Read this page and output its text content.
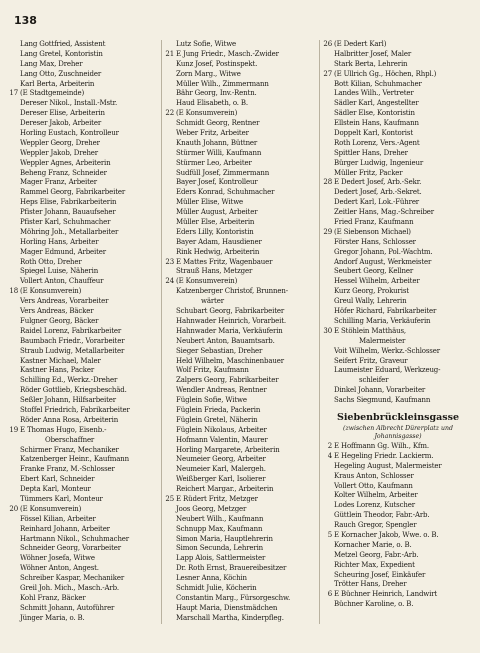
138
Lang Gottfried, Assistent
Lang Gretel, Kontoristin
Lang Max, Dreher
Lang Otto, Zuschneider
Karl Berta, Arbeiterin
17 (E Stadtgemeinde)
Dereser Nikol., Install.-Mstr.
Dereser Elise, Arbeiterin
Dereser Jakob, Arbeiter
Horling Eustach, Kontrolleur
Weppler Georg, Dreher
Weppler Jakob, Dreher
Weppler Agnes, Arbeiterin
Beheng Franz, Schneider
Mager Franz, Arbeiter
Rammel Georg, Fabrikarbeiter
Heps Elise, Fabrikarbeiterin
Pfister Johann, Bauaufseher
Pfister Karl, Schuhmacher
Möhring Joh., Metallarbeiter
Horling Hans, Arbeiter
Mager Edmund, Arbeiter
Roth Otto, Dreher
Spiegel Luise, Näherin
Vollert Anton, Chauffeur
18 (E Konsumverein)
Vers Andreas, Vorarbeiter
Vers Andreas, Bäcker
Fulgner Georg, Bäcker
Raidel Lorenz, Fabrikarbeiter
Baumbach Friedr., Vorarbeiter
Straub Ludwig, Metallarbeiter
Kastner Michael, Maler
Kastner Hans, Packer
Schilling Ed., Werkz.-Dreher
Röder Gottlieb, Kriegsbeschäd.
Seßler Johann, Hilfsarbeiter
Stoffel Friedrich, Fabrikarbeiter
Röder Anna Rosa, Arbeiterin
19 E Thomas Hugo, Eisenb.-
Oberschaffner
Schirmer Franz, Mechaniker
Katzenberger Heinr., Kaufmann
Franke Franz, M.-Schlosser
Ebert Karl, Schneider
Depta Karl, Monteur
Tümmers Karl, Monteur
20 (E Konsumverein)
Fössel Kilian, Arbeiter
Reinhard Johann, Arbeiter
Hartmann Nikol., Schuhmacher
Schneider Georg, Vorarbeiter
Wöhner Josefa, Witwe
Wöhner Anton, Angest.
Schreiber Kaspar, Mechaniker
Greil Joh. Mich., Masch.-Arb.
Kohl Franz, Bäcker
Schmitt Johann, Autoführer
Jünger Maria, o. B.
Lutz Sofie, Witwe
21 E Jung Friedr., Masch.-Zwider
Kunz Josef, Postinspekt.
Zorn Marg., Witwe
Müller Wilh., Zimmermann
Bähr Georg, Inv.-Rentn.
Haud Elisabeth, o. B.
22 (E Konsumverein)
Schmidt Georg, Rentner
Weber Fritz, Arbeiter
Knauth Johann, Büttner
Stürmer Willi, Kaufmann
Stürmer Leo, Arbeiter
Sudfüll Josef, Zimmermann
Bayer Josef, Kontrolleur
Eders Konrad, Schuhmacher
Müller Elise, Witwe
Müller August, Arbeiter
Müller Else, Arbeiterin
Eders Lilly, Kontoristin
Bayer Adam, Hausdiener
Rink Hedwig, Arbeiterin
23 E Mattes Fritz, Wagenbauer
Strauß Hans, Metzger
24 (E Konsumverein)
Katzenberger Christof, Brunnen-
wärter
Schubart Georg, Fabrikarbeiter
Hahnwader Heinrich, Vorarbeit.
Hahnwader Maria, Verkäuferin
Neubert Anton, Bauamtsarb.
Sieger Sebastian, Dreher
Held Wilhelm, Maschinenbauer
Wolf Fritz, Kaufmann
Zalpers Georg, Fabrikarbeiter
Wendler Andreas, Rentner
Füglein Sofie, Witwe
Füglein Frieda, Packerin
Füglein Gretel, Näherin
Füglein Nikolaus, Arbeiter
Hofmann Valentin, Maurer
Horling Margarete, Arbeiterin
Neumeier Georg, Arbeiter
Neumeier Karl, Malergeh.
Weißberger Karl, Isolierer
Reichert Margar., Arbeiterin
25 E Rüdert Fritz, Metzger
Joos Georg, Metzger
Neubert Wilh., Kaufmann
Schnupp Max, Kaufmann
Simon Maria, Hauptlehrerin
Simon Secunda, Lehrerin
Lapp Alois, Sattlermeister
Dr. Roth Ernst, Brauereibesitzer
Lesner Anna, Köchin
Schmidt Julie, Köcherin
Constantin Marg., Fürsorgeschw.
Haupt Maria, Dienstmädchen
Marschall Martha, Kinderpfleg.
26 (E Dedert Karl)
Halbritter Josef, Maler
Stark Berta, Lehrerin
27 (E Ullrich Gg., Höchen, Rhpl.)
Bott Kilian, Schuhmacher
Landes Wilh., Vertreter
Sädler Karl, Angestellter
Sädler Else, Kontoristin
Ellstein Hans, Kaufmann
Doppelt Karl, Kontorist
Roth Lorenz, Vers.-Agent
Spittler Hans, Dreher
Bürger Ludwig, Ingenieur
Müller Fritz, Packer
28 E Dedert Josef, Arb.-Sekr.
Dedert Josef, Arb.-Sekret.
Dedert Karl, Lok.-Führer
Zeitler Hans, Mag.-Schreiber
Fried Franz, Kaufmann
29 (E Siebenson Michael)
Förster Hans, Schlosser
Gregor Johann, Pol.-Wachtm.
Andorf August, Werkmeister
Seubert Georg, Kellner
Hessel Wilhelm, Arbeiter
Kurz Georg, Prokurist
Greul Wally, Lehrerin
Höfer Richard, Fabrikarbeiter
Schilling Maria, Verkäuferin
30 E Stöhlein Matthäus,
Malermeister
Voit Wilhelm, Werkz.-Schlosser
Seifert Fritz, Graveur
Laumeister Eduard, Werkzeug-
schleifer
Dinkel Johann, Vorarbeiter
Sachs Siegmund, Kaufmann
Siebenbrückleinsgasse
(zwischen Albrecht Dürerplatz und
Johannisgasse)
2 E Hoffmann Gg. Wilh., Kfm.
4 E Hegeling Friedr. Lackierm.
Hegeling August, Malermeister
Kraus Anton, Schlosser
Vollert Otto, Kaufmann
Kolter Wilhelm, Arbeiter
Lodes Lorenz, Kutscher
Güttlein Theodor, Fabr.-Arb.
Rauch Gregor, Spengler
5 E Kornacher Jakob, Wwe. o. B.
Kornacher Marie, o. B.
Metzel Georg, Fabr.-Arb.
Richter Max, Expedient
Scheuring Josef, Einkäufer
Trötter Hans, Dreher
6 E Büchner Heinrich, Landwirt
Büchner Karoline, o. B.
